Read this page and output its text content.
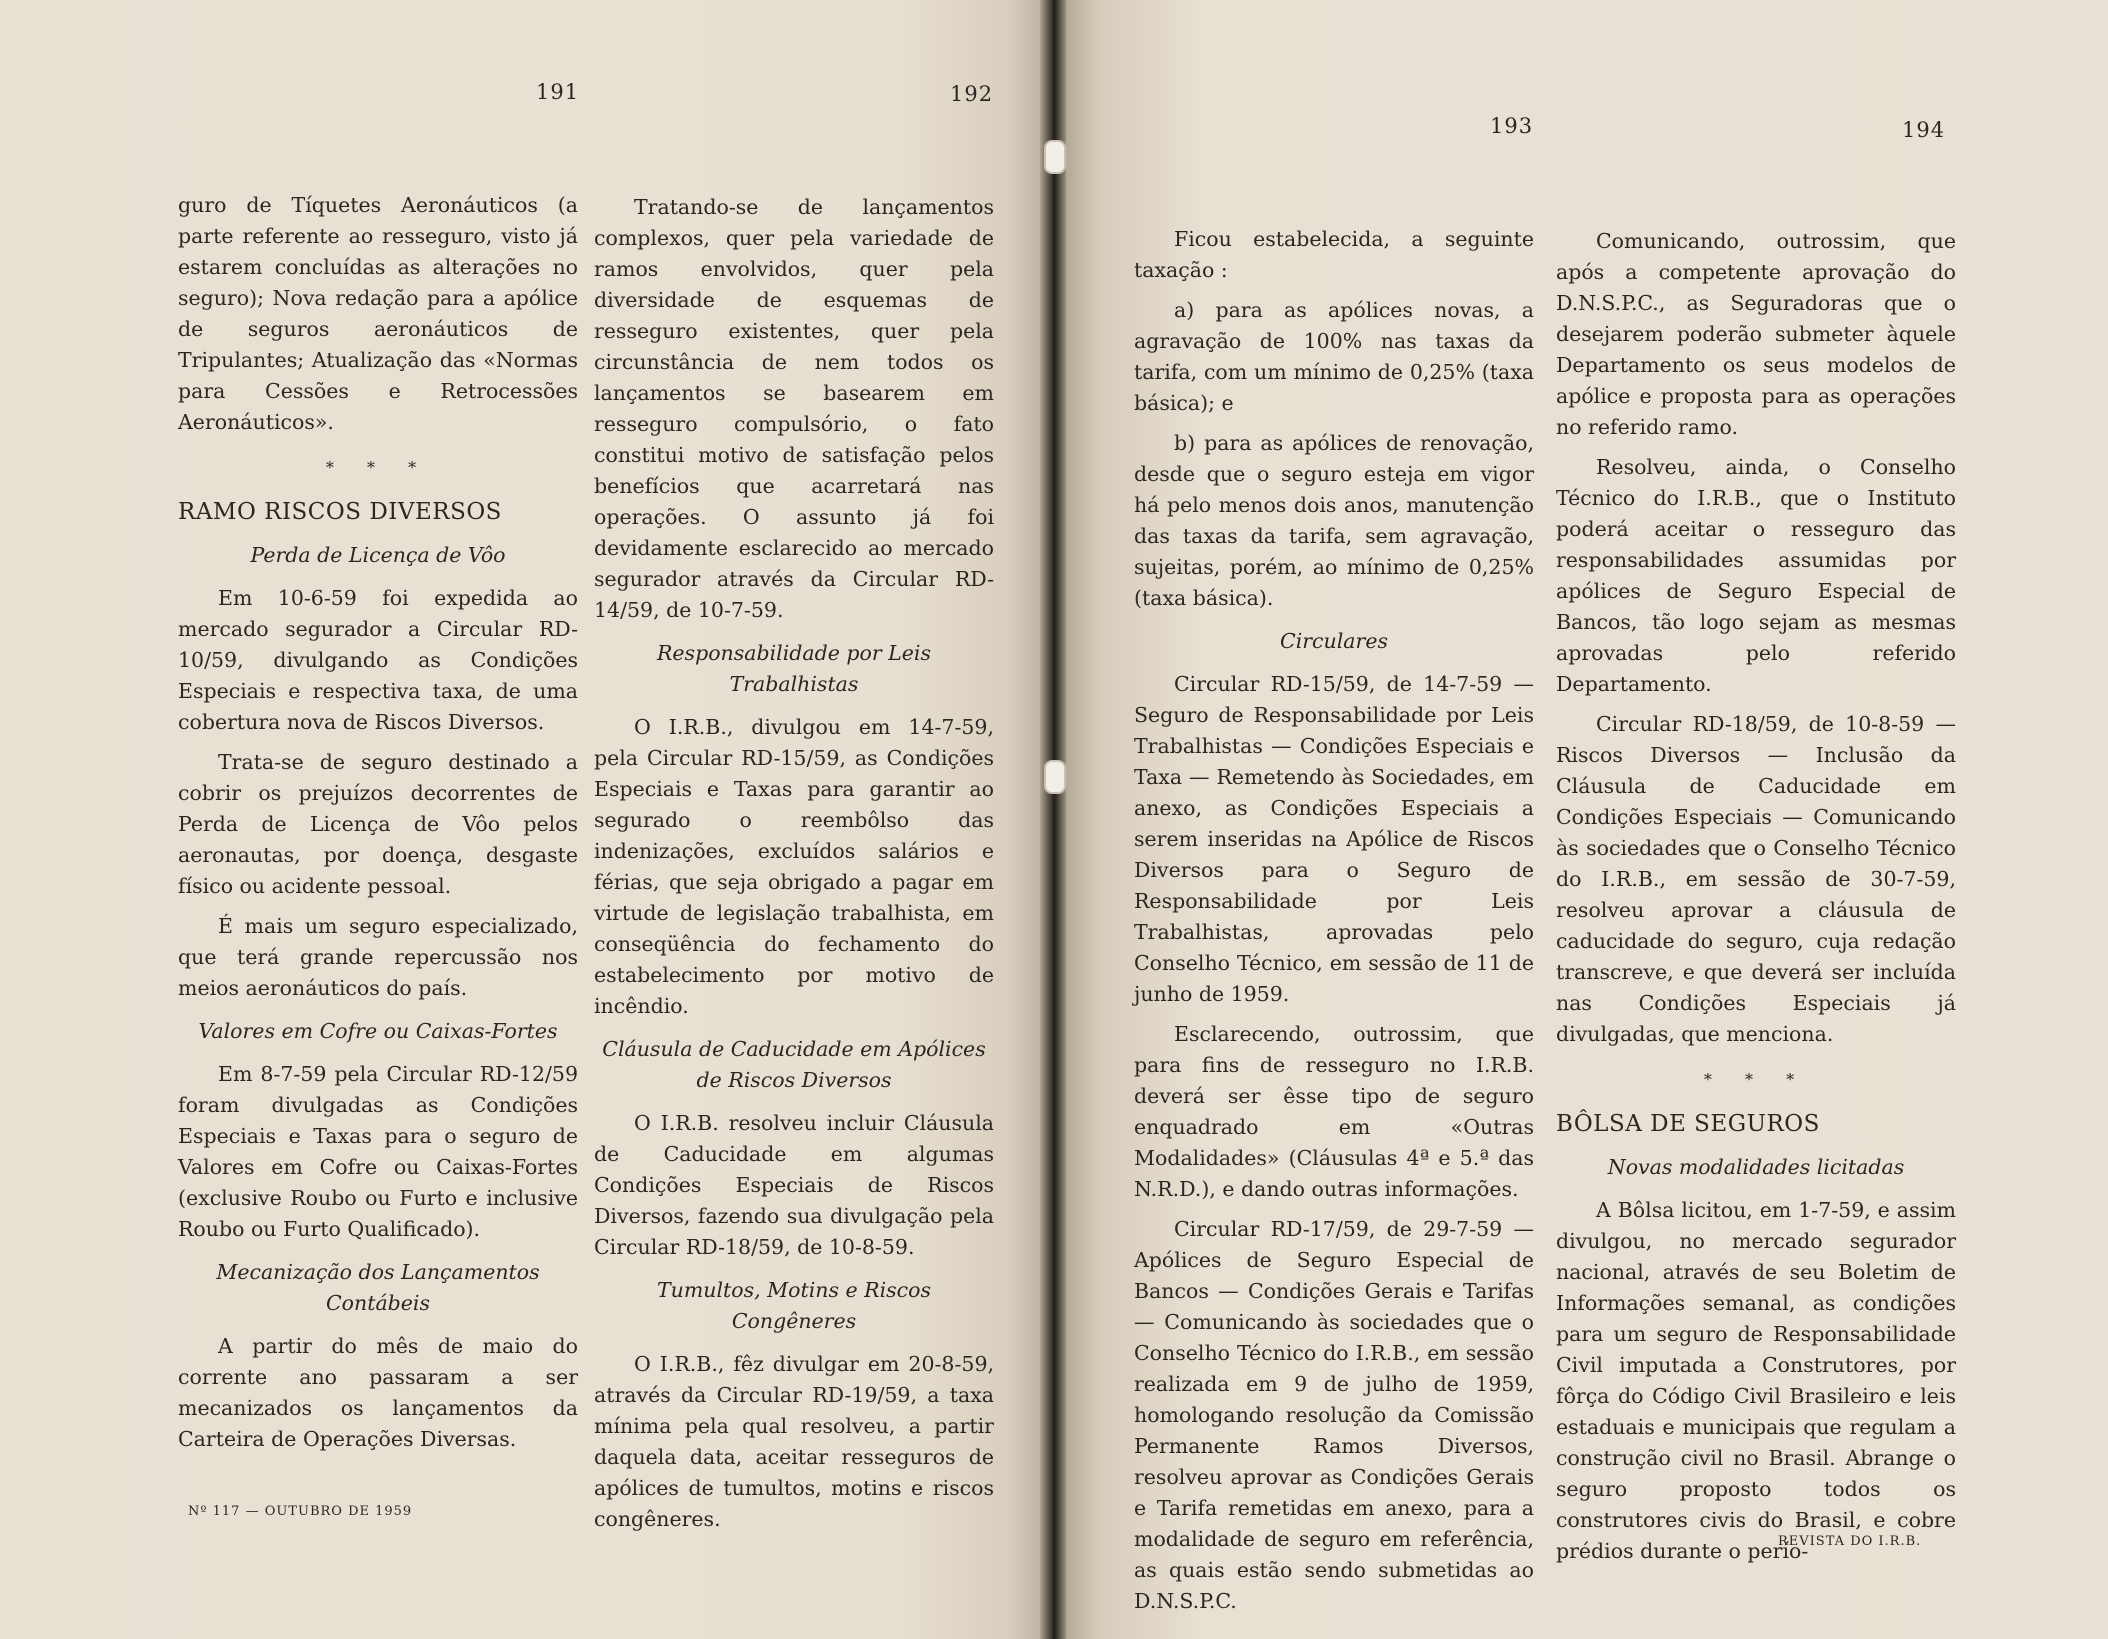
191	192
193	194

guro de Tíquetes Aeronáuticos (a parte referente ao resseguro, visto já estarem concluídas as alterações no seguro); Nova redação para a apólice de seguros aeronáuticos de Tripulantes; Atualização das «Normas para Cessões e Retrocessões Aeronáuticos».

* * *

RAMO RISCOS DIVERSOS

Perda de Licença de Vôo

Em 10-6-59 foi expedida ao mercado segurador a Circular RD-10/59, divulgando as Condições Especiais e respectiva taxa, de uma cobertura nova de Riscos Diversos.

Trata-se de seguro destinado a cobrir os prejuízos decorrentes de Perda de Licença de Vôo pelos aeronautas, por doença, desgaste físico ou acidente pessoal.

É mais um seguro especializado, que terá grande repercussão nos meios aeronáuticos do país.

Valores em Cofre ou Caixas-Fortes

Em 8-7-59 pela Circular RD-12/59 foram divulgadas as Condições Especiais e Taxas para o seguro de Valores em Cofre ou Caixas-Fortes (exclusive Roubo ou Furto e inclusive Roubo ou Furto Qualificado).

Mecanização dos Lançamentos Contábeis

A partir do mês de maio do corrente ano passaram a ser mecanizados os lançamentos da Carteira de Operações Diversas.

Tratando-se de lançamentos complexos, quer pela variedade de ramos envolvidos, quer pela diversidade de esquemas de resseguro existentes, quer pela circunstância de nem todos os lançamentos se basearem em resseguro compulsório, o fato constitui motivo de satisfação pelos benefícios que acarretará nas operações. O assunto já foi devidamente esclarecido ao mercado segurador através da Circular RD-14/59, de 10-7-59.

Responsabilidade por Leis Trabalhistas

O I.R.B., divulgou em 14-7-59, pela Circular RD-15/59, as Condições Especiais e Taxas para garantir ao segurado o reembôlso das indenizações, excluídos salários e férias, que seja obrigado a pagar em virtude de legislação trabalhista, em conseqüência do fechamento do estabelecimento por motivo de incêndio.

Cláusula de Caducidade em Apólices de Riscos Diversos

O I.R.B. resolveu incluir Cláusula de Caducidade em algumas Condições Especiais de Riscos Diversos, fazendo sua divulgação pela Circular RD-18/59, de 10-8-59.

Tumultos, Motins e Riscos Congêneres

O I.R.B., fêz divulgar em 20-8-59, através da Circular RD-19/59, a taxa mínima pela qual resolveu, a partir daquela data, aceitar resseguros de apólices de tumultos, motins e riscos congêneres.

Ficou estabelecida, a seguinte taxação :

a) para as apólices novas, a agravação de 100% nas taxas da tarifa, com um mínimo de 0,25% (taxa básica); e

b) para as apólices de renovação, desde que o seguro esteja em vigor há pelo menos dois anos, manutenção das taxas da tarifa, sem agravação, sujeitas, porém, ao mínimo de 0,25% (taxa básica).

Circulares

Circular RD-15/59, de 14-7-59 — Seguro de Responsabilidade por Leis Trabalhistas — Condições Especiais e Taxa — Remetendo às Sociedades, em anexo, as Condições Especiais a serem inseridas na Apólice de Riscos Diversos para o Seguro de Responsabilidade por Leis Trabalhistas, aprovadas pelo Conselho Técnico, em sessão de 11 de junho de 1959.

Esclarecendo, outrossim, que para fins de resseguro no I.R.B. deverá ser êsse tipo de seguro enquadrado em «Outras Modalidades» (Cláusulas 4ª e 5.ª das N.R.D.), e dando outras informações.

Circular RD-17/59, de 29-7-59 — Apólices de Seguro Especial de Bancos — Condições Gerais e Tarifas — Comunicando às sociedades que o Conselho Técnico do I.R.B., em sessão realizada em 9 de julho de 1959, homologando resolução da Comissão Permanente Ramos Diversos, resolveu aprovar as Condições Gerais e Tarifa remetidas em anexo, para a modalidade de seguro em referência, as quais estão sendo submetidas ao D.N.S.P.C.

Comunicando, outrossim, que após a competente aprovação do D.N.S.P.C., as Seguradoras que o desejarem poderão submeter àquele Departamento os seus modelos de apólice e proposta para as operações no referido ramo.

Resolveu, ainda, o Conselho Técnico do I.R.B., que o Instituto poderá aceitar o resseguro das responsabilidades assumidas por apólices de Seguro Especial de Bancos, tão logo sejam as mesmas aprovadas pelo referido Departamento.

Circular RD-18/59, de 10-8-59 — Riscos Diversos — Inclusão da Cláusula de Caducidade em Condições Especiais — Comunicando às sociedades que o Conselho Técnico do I.R.B., em sessão de 30-7-59, resolveu aprovar a cláusula de caducidade do seguro, cuja redação transcreve, e que deverá ser incluída nas Condições Especiais já divulgadas, que menciona.

* * *

BÔLSA DE SEGUROS

Novas modalidades licitadas

A Bôlsa licitou, em 1-7-59, e assim divulgou, no mercado segurador nacional, através de seu Boletim de Informações semanal, as condições para um seguro de Responsabilidade Civil imputada a Construtores, por fôrça do Código Civil Brasileiro e leis estaduais e municipais que regulam a construção civil no Brasil. Abrange o seguro proposto todos os construtores civis do Brasil, e cobre prédios durante o perío-

Nº 117 — OUTUBRO DE 1959
REVISTA DO I.R.B.
